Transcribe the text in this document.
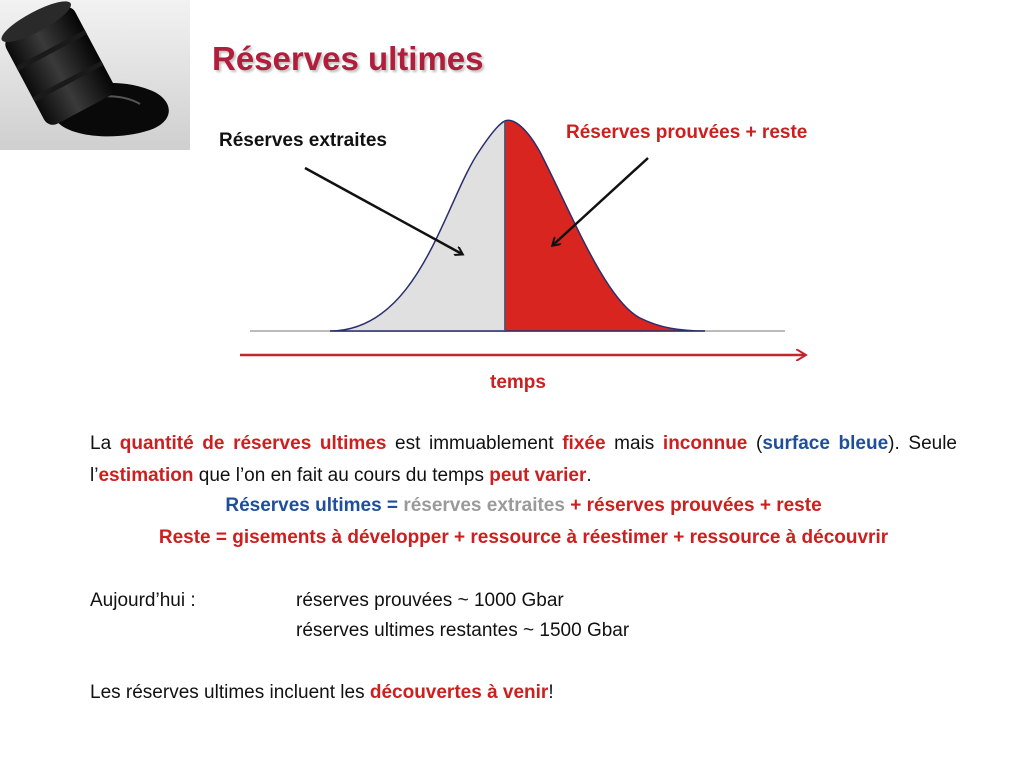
Réserves ultimes
Réserves extraites	Réserves prouvées + reste
temps
La quantité de réserves ultimes est immuablement fixée mais inconnue (surface bleue). Seule l’estimation que l’on en fait au cours du temps peut varier.
Réserves ultimes = réserves extraites + réserves prouvées + reste
Reste = gisements à développer + ressource à réestimer + ressource à découvrir
Aujourd’hui :	réserves prouvées ~ 1000 Gbar
réserves ultimes restantes ~ 1500 Gbar
Les réserves ultimes incluent les découvertes à venir!
